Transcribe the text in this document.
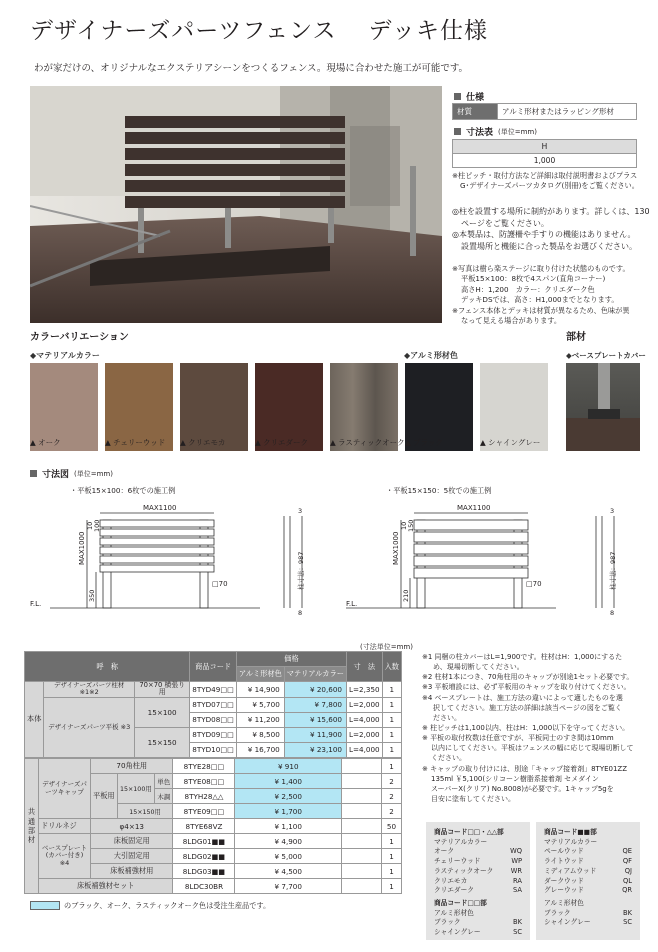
デザイナーズパーツフェンス デッキ仕様
わが家だけの、オリジナルなエクステリアシーンをつくるフェンス。現場に合わせた施工が可能です。
仕様
材質	アルミ形材またはラッピング形材
寸法表 (単位=mm)
H
1,000
※柱ピッチ・取付方法など詳細は取付説明書およびプラス
G･デザイナーズパーツカタログ(別冊)をご覧ください。
◎柱を設置する場所に制約があります。詳しくは、130
ページをご覧ください。
◎本製品は、防護柵や手すりの機能はありません。
設置場所と機能に合った製品をお選びください。
※写真は樹ら楽ステージに取り付けた状態のものです。
平板15×100：8枚で4スパン(直角コーナー)
高さH：1,200　カラー：クリエダーク色
デッキDSでは、高さ：H1,000までとなります。
※フェンス本体とデッキは材質が異なるため、色味が異
なって見える場合があります。
カラーバリエーション
◆マテリアルカラー	◆アルミ形材色
部材
◆ベースプレートカバー
▲ オーク	▲ チェリーウッド ▲ クリエモカ	▲ クリエダーク	▲ ラスティックオーク ▲ ブラック	▲ シャイングレー
寸法図 (単位=mm)
・平板15×100：6枚での施工例	・平板15×150：5枚での施工例
MAX1100	MAX1100
MAX1000	MAX1000
10 100	10 150
350	210
□70	□70
F.L.	F.L.
柱寸法：987	柱寸法：987
3	3
8	8
(寸法単位=mm)
呼　称			商品コード	価格		寸　法	入数
				アルミ形材色	マテリアルカラー		
本体	デザイナーズパーツ柱材 ※1※2	70×70 横張り用	8TYD49□□	¥ 14,900	¥ 20,600	L=2,350	1
	デザイナーズパーツ平板 ※3	15×100	8TYD07□□	¥ 5,700	¥ 7,800	L=2,000	1
			8TYD08□□	¥ 11,200	¥ 15,600	L=4,000	1
		15×150	8TYD09□□	¥ 8,500	¥ 11,900	L=2,000	1
			8TYD10□□	¥ 16,700	¥ 23,100	L=4,000	1
共通部材	デザイナーズパーツキャップ	70角柱用			8TYE28□□	¥ 910		1
		平板用	15×100用	単色	8TYE08□□	¥ 1,400		2
				木調	8TYH28△△	¥ 2,500		2
			15×150用		8TYE09□□	¥ 1,700		2
	ドリルネジ	φ4×13			8TYE68VZ	¥ 1,100		50
	ベースプレート(カバー付き) ※4	床板固定用			8LDG01■■	¥ 4,900		1
		大引固定用			8LDG02■■	¥ 5,000		1
		床板補強材用			8LDG03■■	¥ 4,500		1
	床板補強材セット				8LDC30BR	¥ 7,700		1
のブラック、オーク、ラスティックオーク色は受注生産品です。
※1 同梱の柱カバーはL=1,900です。柱材はH：1,000にするた
め、現場切断してください。
※2 柱材1本につき、70角柱用のキャップが別途1セット必要です。
※3 平板増設には、必ず平板用のキャップを取り付けてください。
※4 ベースプレートは、施工方法の違いによって適したものを選
択してください。施工方法の詳細は該当ページの図をご覧く
ださい。
※ 柱ピッチは1,100以内、柱はH：1,000以下を守ってください。
※ 平板の取付枚数は任意ですが、平板同士のすき間は10mm
以内にしてください。平板はフェンスの幅に応じて現場切断して
ください。
※ キャップの取り付けには、別途「キャップ接着剤」8TYE01ZZ
135ml ￥5,100(シリコーン樹脂系接着剤 セメダイン
スーパーX(クリア) No.8008)が必要です。1キャップ5gを
目安に塗布してください。
商品コード□□・△△部
マテリアルカラー
オーク	WQ
チェリーウッド	WP
ラスティックオーク	WR
クリエモカ	RA
クリエダーク	SA
商品コード□□部
アルミ形材色
ブラック	BK
シャイングレー	SC
商品コード■■部
マテリアルカラー
ペールウッド	QE
ライトウッド	QF
ミディアムウッド	QJ
ダークウッド	QL
グレーウッド	QR
アルミ形材色
ブラック	BK
シャイングレー	SC
